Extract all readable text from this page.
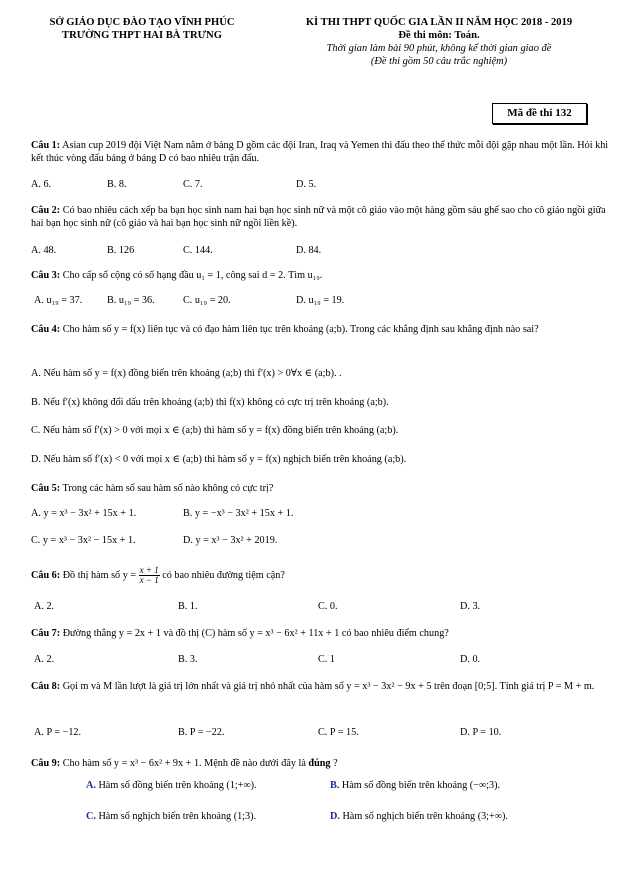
SỞ GIÁO DỤC ĐÀO TẠO VĨNH PHÚC
TRƯỜNG THPT HAI BÀ TRƯNG
KÌ THI THPT QUỐC GIA LẦN II NĂM HỌC 2018 - 2019
Đề thi môn: Toán.
Thời gian làm bài 90 phút, không kể thời gian giao đề
(Đề thi gồm 50 câu trắc nghiệm)
Mã đề thi 132
Câu 1: Asian cup 2019 đội Việt Nam nằm ở bảng D gồm các đội Iran, Iraq và Yemen thi đấu theo thể thức mỗi đội gặp nhau một lần. Hỏi khi kết thúc vòng đấu bảng ở bảng D có bao nhiêu trận đấu.
A. 6.	B. 8.	C. 7.	D. 5.
Câu 2: Có bao nhiêu cách xếp ba bạn học sinh nam hai bạn học sinh nữ và một cô giáo vào một hàng gồm sáu ghế sao cho cô giáo ngồi giữa hai bạn học sinh nữ (cô giáo và hai bạn học sinh nữ ngồi liền kề).
A. 48.	B. 126	C. 144.	D. 84.
Câu 3: Cho cấp số cộng có số hạng đầu u₁ = 1, công sai d = 2. Tìm u₁₉.
A. u₁₉ = 37. B. u₁₉ = 36.	C. u₁₉ = 20.	D. u₁₉ = 19.
Câu 4: Cho hàm số y = f(x) liên tục và có đạo hàm liên tục trên khoảng (a;b). Trong các khẳng định sau khẳng định nào sai?
A. Nếu hàm số y = f(x) đồng biến trên khoảng (a;b) thì f′(x) > 0∀x ∈ (a;b). .
B. Nếu f′(x) không đổi dấu trên khoảng (a;b) thì f(x) không có cực trị trên khoảng (a;b).
C. Nếu hàm số f′(x) > 0 với mọi x ∈ (a;b) thì hàm số y = f(x) đồng biến trên khoảng (a;b).
D. Nếu hàm số f′(x) < 0 với mọi x ∈ (a;b) thì hàm số y = f(x) nghịch biến trên khoảng (a;b).
Câu 5: Trong các hàm số sau hàm số nào không có cực trị?
A. y = x³ − 3x² + 15x + 1.	B. y = −x³ − 3x² + 15x + 1.
C. y = x³ − 3x² − 15x + 1.	D. y = x³ − 3x² + 2019.
Câu 6: Đồ thị hàm số $y = \frac{x + 1}{x - 1}$ có bao nhiêu đường tiệm cận?
A. 2.	B. 1.	C. 0.	D. 3.
Câu 7: Đường thẳng y = 2x + 1 và đồ thị (C) hàm số y = x³ − 6x² + 11x + 1 có bao nhiêu điểm chung?
A. 2.	B. 3.	C. 1	D. 0.
Câu 8: Gọi m và M lần lượt là giá trị lớn nhất và giá trị nhỏ nhất của hàm số y = x³ − 3x² − 9x + 5 trên đoạn [0;5]. Tính giá trị P = M + m.
A. P = −12.	B. P = −22.	C. P = 15.	D. P = 10.
Câu 9: Cho hàm số y = x³ − 6x² + 9x + 1. Mệnh đề nào dưới đây là đúng ?
A. Hàm số đồng biến trên khoảng (1;+∞).	B. Hàm số đồng biến trên khoảng (−∞;3).
C. Hàm số nghịch biến trên khoảng (1;3).	D. Hàm số nghịch biến trên khoảng (3;+∞).
